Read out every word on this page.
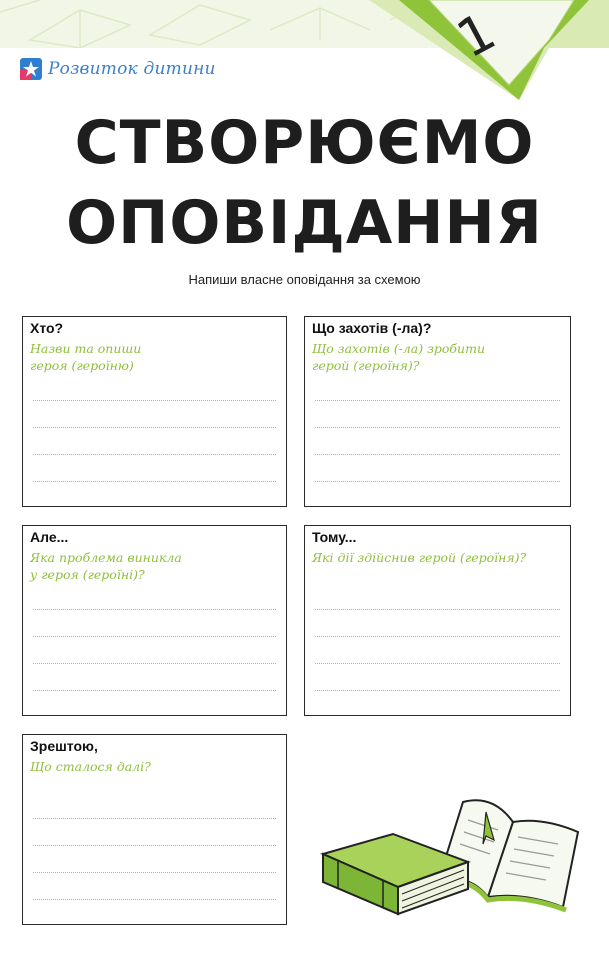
1
Розвиток дитини
СТВОРЮЄМО
ОПОВІДАННЯ
Напиши власне оповідання за схемою
Хто?
Назви та опиши
героя (героїню)
Що захотів (-ла)?
Що захотів (-ла) зробити
герой (героїня)?
Але...
Яка проблема виникла
у героя (героїні)?
Тому...
Які дії здійснив герой (героїня)?
Зрештою,
Що сталося далі?
